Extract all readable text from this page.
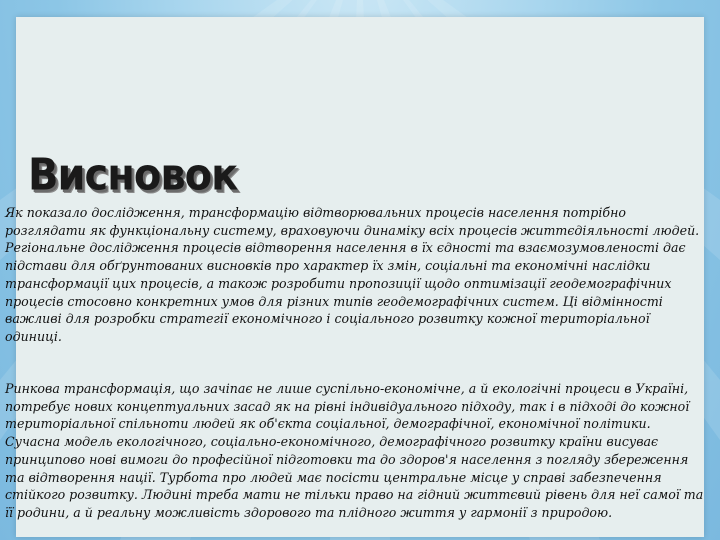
Висновок

Як показало дослідження, трансформацію відтворювальних процесів населення потрібно розглядати як функціональну систему, враховуючи динаміку всіх процесів життєдіяльності людей. Регіональне дослідження процесів відтворення населення в їх єдності та взаємозумовленості дає підстави для обґрунтованих висновків про характер їх змін, соціальні та економічні наслідки трансформації цих процесів, а також розробити пропозиції щодо оптимізації геодемографічних процесів стосовно конкретних умов для різних типів геодемографічних систем. Ці відмінності важливі для розробки стратегії економічного і соціального розвитку кожної територіальної одиниці.

Ринкова трансформація, що зачіпає не лише суспільно-економічне, а й екологічні процеси в Україні, потребує нових концептуальних засад як на рівні індивідуального підходу, так і в підході до кожної територіальної спільноти людей як об'єкта соціальної, демографічної, економічної політики. Сучасна модель екологічного, соціально-економічного, демографічного розвитку країни висуває принципово нові вимоги до професійної підготовки та до здоров'я населення з погляду збереження та відтворення нації. Турбота про людей має посісти центральне місце у справі забезпечення стійкого розвитку. Людині треба мати не тільки право на гідний життєвий рівень для неї самої та її родини, а й реальну можливість здорового та плідного життя у гармонії з природою.
